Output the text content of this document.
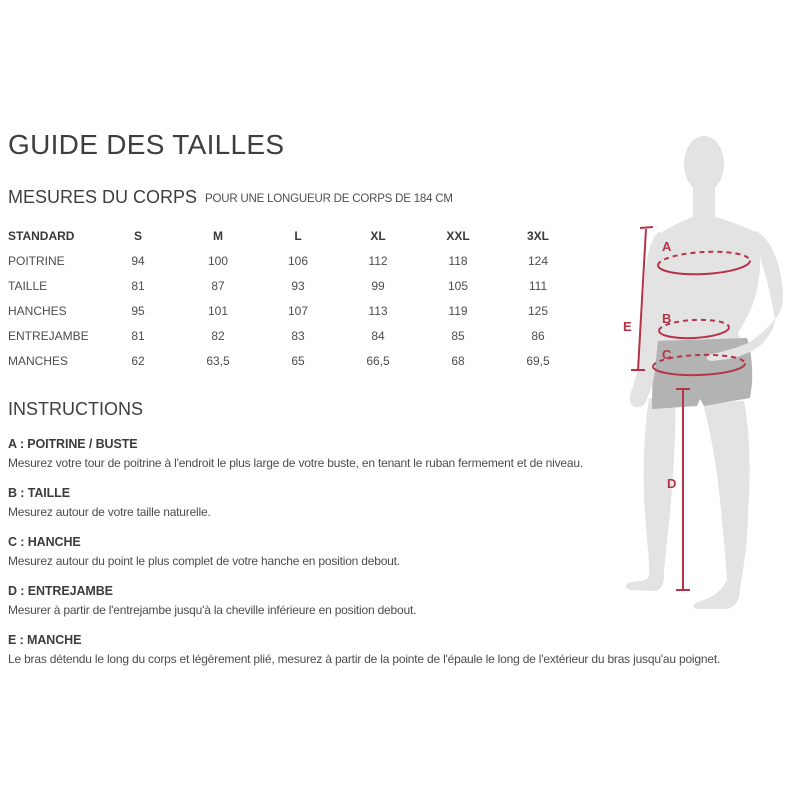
GUIDE DES TAILLES
MESURES DU CORPS POUR UNE LONGUEUR DE CORPS DE 184 CM
STANDARD	S	M	L	XL	XXL	3XL
POITRINE	94	100	106	112	118	124
TAILLE	81	87	93	99	105	111
HANCHES	95	101	107	113	119	125
ENTREJAMBE	81	82	83	84	85	86
MANCHES	62	63,5	65	66,5	68	69,5
INSTRUCTIONS
A : POITRINE / BUSTE
Mesurez votre tour de poitrine à l'endroit le plus large de votre buste, en tenant le ruban fermement et de niveau.
B : TAILLE
Mesurez autour de votre taille naturelle.
C : HANCHE
Mesurez autour du point le plus complet de votre hanche en position debout.
D : ENTREJAMBE
Mesurer à partir de l'entrejambe jusqu'à la cheville inférieure en position debout.
E : MANCHE
Le bras détendu le long du corps et légèrement plié, mesurez à partir de la pointe de l'épaule le long de l'extérieur du bras jusqu'au poignet.
A
B
C
E
D
